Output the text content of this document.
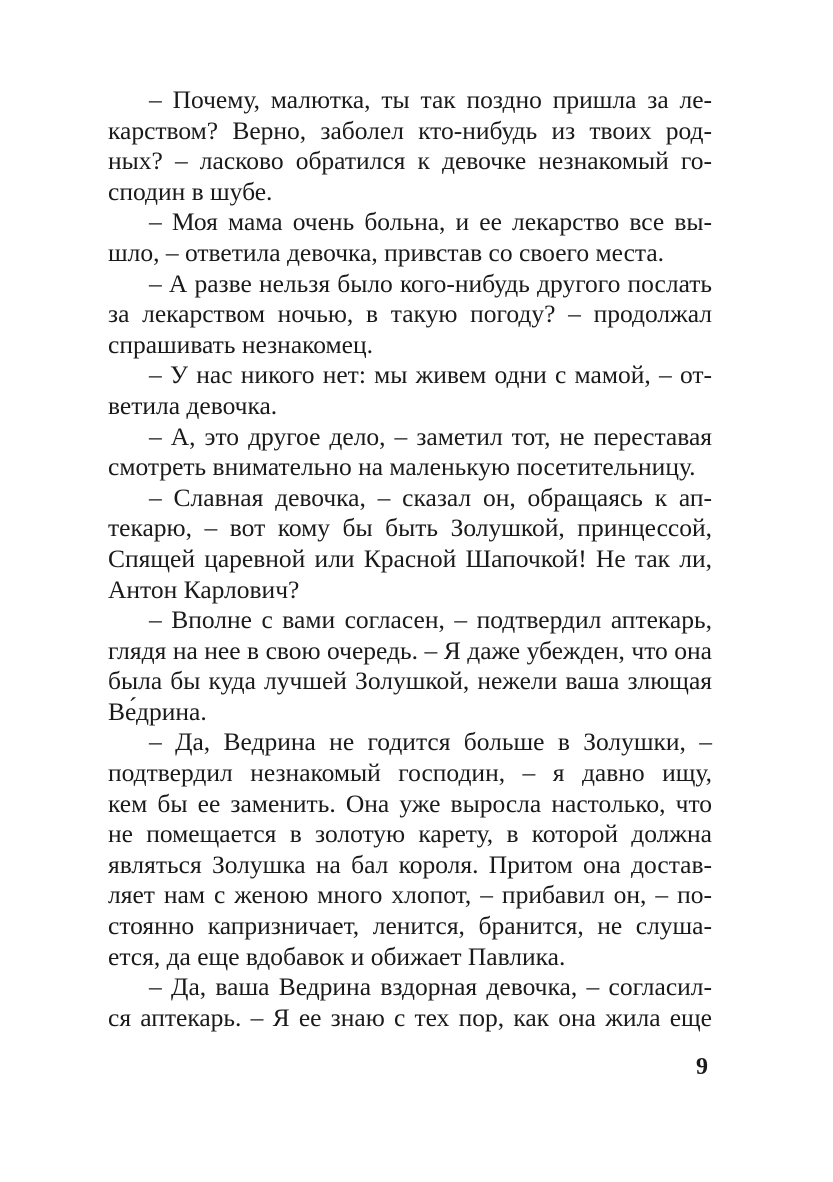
– Почему, малютка, ты так поздно пришла за ле-
карством? Верно, заболел кто-нибудь из твоих род-
ных? – ласково обратился к девочке незнакомый го-
сподин в шубе.
– Моя мама очень больна, и ее лекарство все вы-
шло, – ответила девочка, привстав со своего места.
– А разве нельзя было кого-нибудь другого послать
за лекарством ночью, в такую погоду? – продолжал
спрашивать незнакомец.
– У нас никого нет: мы живем одни с мамой, – от-
ветила девочка.
– А, это другое дело, – заметил тот, не переставая
смотреть внимательно на маленькую посетительницу.
– Славная девочка, – сказал он, обращаясь к ап-
текарю, – вот кому бы быть Золушкой, принцессой,
Спящей царевной или Красной Шапочкой! Не так ли,
Антон Карлович?
– Вполне с вами согласен, – подтвердил аптекарь,
глядя на нее в свою очередь. – Я даже убежден, что она
была бы куда лучшей Золушкой, нежели ваша злющая
Ве́дрина.
– Да, Ведрина не годится больше в Золушки, –
подтвердил незнакомый господин, – я давно ищу,
кем бы ее заменить. Она уже выросла настолько, что
не помещается в золотую карету, в которой должна
являться Золушка на бал короля. Притом она достав-
ляет нам с женою много хлопот, – прибавил он, – по-
стоянно капризничает, ленится, бранится, не слуша-
ется, да еще вдобавок и обижает Павлика.
– Да, ваша Ведрина вздорная девочка, – согласил-
ся аптекарь. – Я ее знаю с тех пор, как она жила еще
9
